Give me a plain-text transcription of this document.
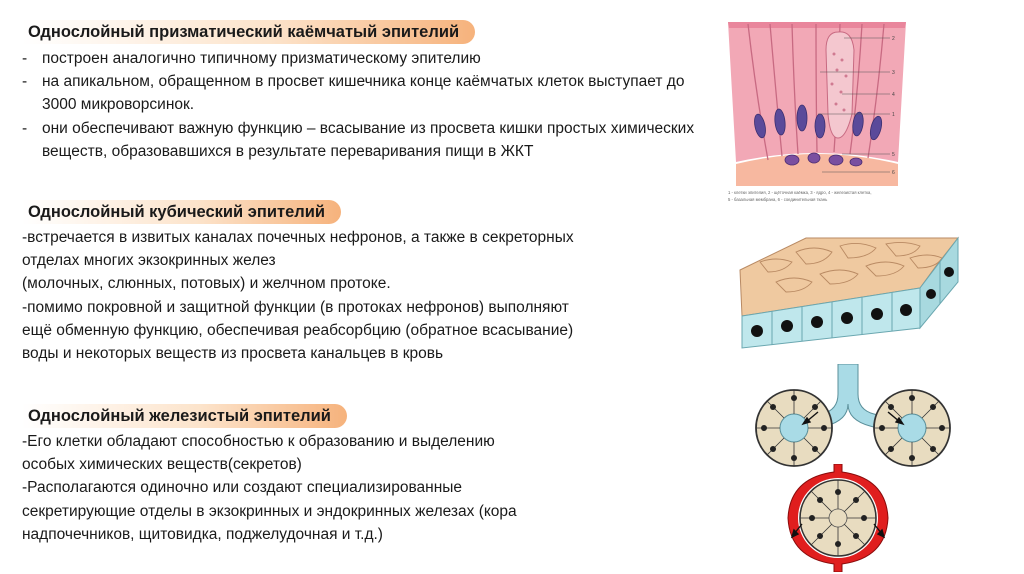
Однослойный призматический каёмчатый эпителий
- построен аналогично типичному призматическому эпителию
- на апикальном, обращенном в просвет кишечника конце каёмчатых клеток выступает до 3000 микроворсинок.
- они обеспечивают важную функцию – всасывание из просвета кишки простых химических веществ, образовавшихся в результате переваривания пищи в ЖКТ
Однослойный кубический эпителий
-встречается в извитых каналах почечных нефронов, а также в секреторных
отделах многих экзокринных желез
(молочных, слюнных, потовых) и желчном протоке.
-помимо покровной и защитной функции (в протоках нефронов) выполняют
ещё обменную функцию, обеспечивая реабсорбцию (обратное всасывание)
воды и некоторых веществ из просвета канальцев в кровь
Однослойный железистый эпителий
-Его клетки обладают способностью к образованию и выделению
особых химических веществ(секретов)
-Располагаются одиночно или создают специализированные
секретирующие отделы в экзокринных и эндокринных железах (кора
надпочечников, щитовидка, поджелудочная и т.д.)
2
3
4
1
5
6
1 - клетки эпителия, 2 - щёточная каёмка, 3 - ядро, 4 - железистая клетка,
5 - базальная мембрана, 6 - соединительная ткань
